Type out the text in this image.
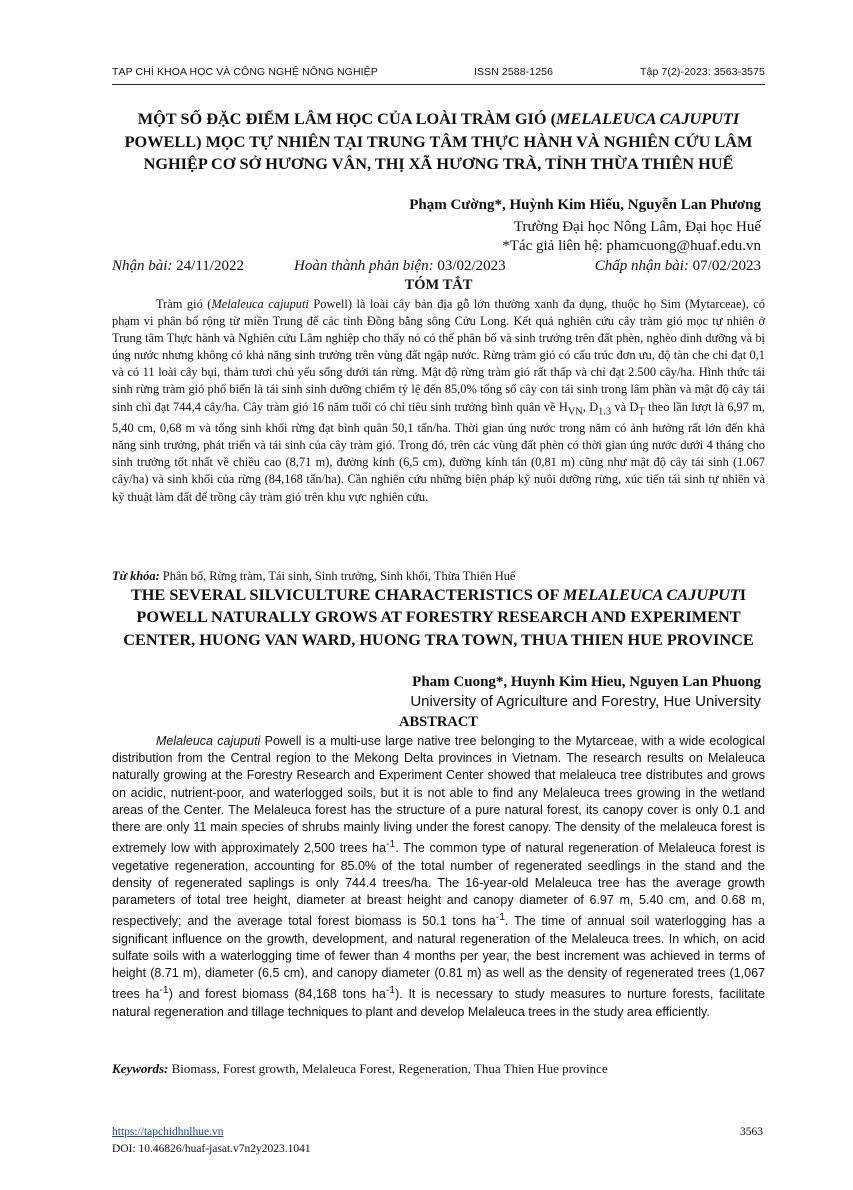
TẠP CHÍ KHOA HỌC VÀ CÔNG NGHỆ NÔNG NGHIỆP	ISSN 2588-1256	Tập 7(2)-2023: 3563-3575
MỘT SỐ ĐẶC ĐIỂM LÂM HỌC CỦA LOÀI TRÀM GIÓ (MELALEUCA CAJUPUTI POWELL) MỌC TỰ NHIÊN TẠI TRUNG TÂM THỰC HÀNH VÀ NGHIÊN CỨU LÂM NGHIỆP CƠ SỞ HƯƠNG VÂN, THỊ XÃ HƯƠNG TRÀ, TỈNH THỪA THIÊN HUẾ
Phạm Cường*, Huỳnh Kim Hiếu, Nguyễn Lan Phương
Trường Đại học Nông Lâm, Đại học Huế
*Tác giả liên hệ: phamcuong@huaf.edu.vn
Nhận bài: 24/11/2022	Hoàn thành phản biện: 03/02/2023	Chấp nhận bài: 07/02/2023
TÓM TẮT

Tràm gió (Melaleuca cajuputi Powell) là loài cây bản địa gỗ lớn thường xanh đa dụng, thuộc họ Sim (Mytarceae), có phạm vi phân bố rộng từ miền Trung để các tỉnh Đồng bằng sông Cửu Long. Kết quả nghiên cứu cây tràm gió mọc tự nhiên ở Trung tâm Thực hành và Nghiên cứu Lâm nghiệp cho thấy nó có thể phân bố và sinh trưởng trên đất phèn, nghèo dinh dưỡng và bị úng nước nhưng không có khả năng sinh trưởng trên vùng đất ngập nước. Rừng tràm gió có cấu trúc đơn ưu, độ tàn che chỉ đạt 0,1 và có 11 loài cây bụi, thảm tươi chủ yếu sống dưới tán rừng. Mật độ rừng tràm gió rất thấp và chỉ đạt 2.500 cây/ha. Hình thức tái sinh rừng tràm gió phổ biến là tái sinh sinh dưỡng chiếm tỷ lệ đến 85,0% tổng số cây con tái sinh trong lâm phần và mật độ cây tái sinh chỉ đạt 744,4 cây/ha. Cây tràm gió 16 năm tuổi có chỉ tiêu sinh trưởng bình quân về $H_{VN}$, $D_{1.3}$ và $D_T$ theo lần lượt là 6,97 m, 5,40 cm, 0,68 m và tổng sinh khối rừng đạt bình quân 50,1 tấn/ha. Thời gian úng nước trong năm có ảnh hưởng rất lớn đến khả năng sinh trưởng, phát triển và tái sinh của cây tràm gió. Trong đó, trên các vùng đất phèn có thời gian úng nước dưới 4 tháng cho sinh trưởng tốt nhất về chiều cao (8,71 m), đường kính (6,5 cm), đường kính tán (0,81 m) cũng như mật độ cây tái sinh (1.067 cây/ha) và sinh khối của rừng (84,168 tấn/ha). Cần nghiên cứu những biện pháp kỹ nuôi dưỡng rừng, xúc tiến tái sinh tự nhiên và kỹ thuật làm đất để trồng cây tràm gió trên khu vực nghiên cứu.

Từ khóa: Phân bố, Rừng tràm, Tái sinh, Sinh trưởng, Sinh khối, Thừa Thiên Huế
THE SEVERAL SILVICULTURE CHARACTERISTICS OF MELALEUCA CAJUPUTI POWELL NATURALLY GROWS AT FORESTRY RESEARCH AND EXPERIMENT CENTER, HUONG VAN WARD, HUONG TRA TOWN, THUA THIEN HUE PROVINCE
Pham Cuong*, Huynh Kim Hieu, Nguyen Lan Phuong
University of Agriculture and Forestry, Hue University
ABSTRACT

Melaleuca cajuputi Powell is a multi-use large native tree belonging to the Mytarceae, with a wide ecological distribution from the Central region to the Mekong Delta provinces in Vietnam. The research results on Melaleuca naturally growing at the Forestry Research and Experiment Center showed that melaleuca tree distributes and grows on acidic, nutrient-poor, and waterlogged soils, but it is not able to find any Melaleuca trees growing in the wetland areas of the Center. The Melaleuca forest has the structure of a pure natural forest, its canopy cover is only 0.1 and there are only 11 main species of shrubs mainly living under the forest canopy. The density of the melaleuca forest is extremely low with approximately 2,500 trees $ha^{-1}$. The common type of natural regeneration of Melaleuca forest is vegetative regeneration, accounting for 85.0% of the total number of regenerated seedlings in the stand and the density of regenerated saplings is only 744.4 trees/ha. The 16-year-old Melaleuca tree has the average growth parameters of total tree height, diameter at breast height and canopy diameter of 6.97 m, 5.40 cm, and 0.68 m, respectively; and the average total forest biomass is 50.1 tons $ha^{-1}$. The time of annual soil waterlogging has a significant influence on the growth, development, and natural regeneration of the Melaleuca trees. In which, on acid sulfate soils with a waterlogging time of fewer than 4 months per year, the best increment was achieved in terms of height (8.71 m), diameter (6.5 cm), and canopy diameter (0.81 m) as well as the density of regenerated trees (1,067 trees $ha^{-1}$) and forest biomass (84,168 tons $ha^{-1}$). It is necessary to study measures to nurture forests, facilitate natural regeneration and tillage techniques to plant and develop Melaleuca trees in the study area efficiently.

Keywords: Biomass, Forest growth, Melaleuca Forest, Regeneration, Thua Thien Hue province
https://tapchidhnlhue.vn
DOI: 10.46826/huaf-jasat.v7n2y2023.1041
3563
